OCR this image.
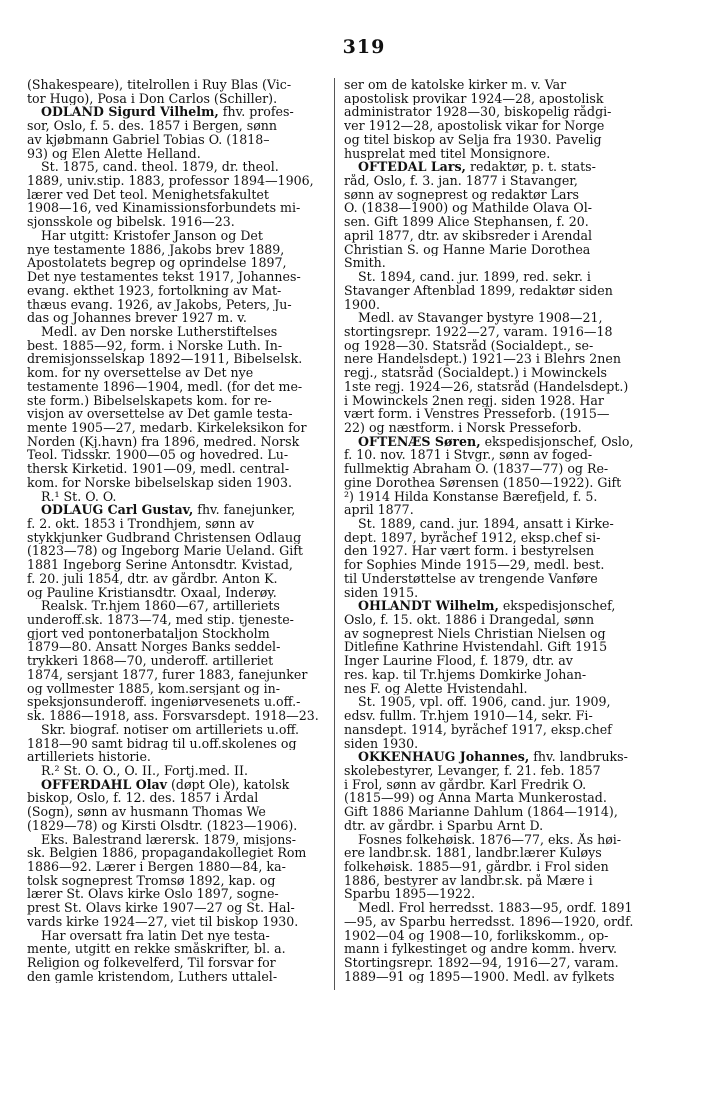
319
(Shakespeare), titelrollen i Ruy Blas (Vic-
tor Hugo), Posa i Don Carlos (Schiller).
ODLAND Sigurd Vilhelm, fhv. profes-
sor, Oslo, f. 5. des. 1857 i Bergen, sønn
av kjøbmann Gabriel Tobias O. (1818–
93) og Elen Alette Helland.
St. 1875, cand. theol. 1879, dr. theol.
1889, univ.stip. 1883, professor 1894—1906,
lærer ved Det teol. Menighetsfakultet
1908—16, ved Kinamissionsforbundets mi-
sjonsskole og bibelsk. 1916—23.
Har utgitt: Kristofer Janson og Det
nye testamente 1886, Jakobs brev 1889,
Apostolatets begrep og oprindelse 1897,
Det nye testamentes tekst 1917, Johannes-
evang. ekthet 1923, fortolkning av Mat-
thæus evang. 1926, av Jakobs, Peters, Ju-
das og Johannes brever 1927 m. v.
Medl. av Den norske Lutherstiftelses
best. 1885—92, form. i Norske Luth. In-
dremisjonsselskap 1892—1911, Bibelselsk.
kom. for ny oversettelse av Det nye
testamente 1896—1904, medl. (for det me-
ste form.) Bibelselskapets kom. for re-
visjon av oversettelse av Det gamle testa-
mente 1905—27, medarb. Kirkeleksikon for
Norden (Kj.havn) fra 1896, medred. Norsk
Teol. Tidsskr. 1900—05 og hovedred. Lu-
thersk Kirketid. 1901—09, medl. central-
kom. for Norske bibelselskap siden 1903.
R.¹ St. O. O.
ODLAUG Carl Gustav, fhv. fanejunker,
f. 2. okt. 1853 i Trondhjem, sønn av
stykkjunker Gudbrand Christensen Odlaug
(1823—78) og Ingeborg Marie Ueland. Gift
1881 Ingeborg Serine Antonsdtr. Kvistad,
f. 20. juli 1854, dtr. av gårdbr. Anton K.
og Pauline Kristiansdtr. Oxaal, Inderøy.
Realsk. Tr.hjem 1860—67, artilleriets
underoff.sk. 1873—74, med stip. tjeneste-
gjort ved pontonerbataljon Stockholm
1879—80. Ansatt Norges Banks seddel-
trykkeri 1868—70, underoff. artilleriet
1874, sersjant 1877, furer 1883, fanejunker
og vollmester 1885, kom.sersjant og in-
speksjonsunderoff. ingeniørvesenets u.off.-
sk. 1886—1918, ass. Forsvarsdept. 1918—23.
Skr. biograf. notiser om artilleriets u.off.
1818—90 samt bidrag til u.off.skolenes og
artilleriets historie.
R.² St. O. O., O. II., Fortj.med. II.
OFFERDAHL Olav (døpt Ole), katolsk
biskop, Oslo, f. 12. des. 1857 i Årdal
(Sogn), sønn av husmann Thomas We
(1829—78) og Kirsti Olsdtr. (1823—1906).
Eks. Balestrand lærersk. 1879, misjons-
sk. Belgien 1886, propagandakollegiet Rom
1886—92. Lærer i Bergen 1880—84, ka-
tolsk sogneprest Tromsø 1892, kap. og
lærer St. Olavs kirke Oslo 1897, sogne-
prest St. Olavs kirke 1907—27 og St. Hal-
vards kirke 1924—27, viet til biskop 1930.
Har oversatt fra latin Det nye testa-
mente, utgitt en rekke småskrifter, bl. a.
Religion og folkevelferd, Til forsvar for
den gamle kristendom, Luthers uttalel-
ser om de katolske kirker m. v. Var
apostolisk provikar 1924—28, apostolisk
administrator 1928—30, biskopelig rådgi-
ver 1912—28, apostolisk vikar for Norge
og titel biskop av Selja fra 1930. Pavelig
husprelat med titel Monsignore.
OFTEDAL Lars, redaktør, p. t. stats-
råd, Oslo, f. 3. jan. 1877 i Stavanger,
sønn av sogneprest og redaktør Lars
O. (1838—1900) og Mathilde Olava Ol-
sen. Gift 1899 Alice Stephansen, f. 20.
april 1877, dtr. av skibsreder i Arendal
Christian S. og Hanne Marie Dorothea
Smith.
St. 1894, cand. jur. 1899, red. sekr. i
Stavanger Aftenblad 1899, redaktør siden
1900.
Medl. av Stavanger bystyre 1908—21,
stortingsrepr. 1922—27, varam. 1916—18
og 1928—30. Statsråd (Socialdept., se-
nere Handelsdept.) 1921—23 i Blehrs 2nen
regj., statsråd (Socialdept.) i Mowinckels
1ste regj. 1924—26, statsråd (Handelsdept.)
i Mowinckels 2nen regj. siden 1928. Har
vært form. i Venstres Presseforb. (1915—
22) og næstform. i Norsk Presseforb.
OFTENÆS Søren, ekspedisjonschef, Oslo,
f. 10. nov. 1871 i Stvgr., sønn av foged-
fullmektig Abraham O. (1837—77) og Re-
gine Dorothea Sørensen (1850—1922). Gift
²) 1914 Hilda Konstanse Bærefjeld, f. 5.
april 1877.
St. 1889, cand. jur. 1894, ansatt i Kirke-
dept. 1897, byråchef 1912, eksp.chef si-
den 1927. Har vært form. i bestyrelsen
for Sophies Minde 1915—29, medl. best.
til Understøttelse av trengende Vanføre
siden 1915.
OHLANDT Wilhelm, ekspedisjonschef,
Oslo, f. 15. okt. 1886 i Drangedal, sønn
av sogneprest Niels Christian Nielsen og
Ditlefine Kathrine Hvistendahl. Gift 1915
Inger Laurine Flood, f. 1879, dtr. av
res. kap. til Tr.hjems Domkirke Johan-
nes F. og Alette Hvistendahl.
St. 1905, vpl. off. 1906, cand. jur. 1909,
edsv. fullm. Tr.hjem 1910—14, sekr. Fi-
nansdept. 1914, byråchef 1917, eksp.chef
siden 1930.
OKKENHAUG Johannes, fhv. landbruks-
skolebestyrer, Levanger, f. 21. feb. 1857
i Frol, sønn av gårdbr. Karl Fredrik O.
(1815—99) og Anna Marta Munkerostad.
Gift 1886 Marianne Dahlum (1864—1914),
dtr. av gårdbr. i Sparbu Arnt D.
Fosnes folkehøisk. 1876—77, eks. Ås høi-
ere landbr.sk. 1881, landbr.lærer Kuløys
folkehøisk. 1885—91, gårdbr. i Frol siden
1886, bestyrer av landbr.sk. på Mære i
Sparbu 1895—1922.
Medl. Frol herredsst. 1883—95, ordf. 1891
—95, av Sparbu herredsst. 1896—1920, ordf.
1902—04 og 1908—10, forlikskomm., op-
mann i fylkestinget og andre komm. hverv.
Stortingsrepr. 1892—94, 1916—27, varam.
1889—91 og 1895—1900. Medl. av fylkets
